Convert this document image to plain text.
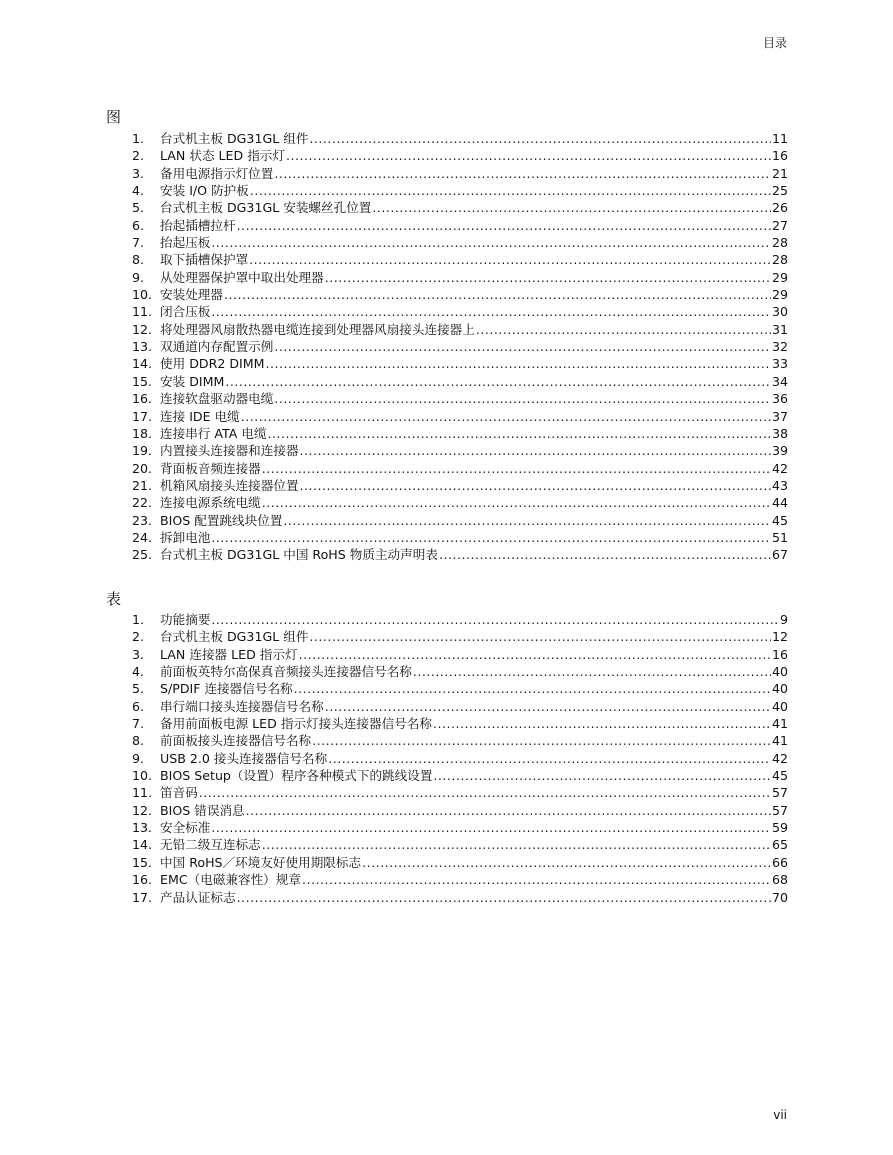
目录
图
1.	台式机主板 DG31GL 组件 .....	11
2.	LAN 状态 LED 指示灯 .....	16
3.	备用电源指示灯位置 .....	21
4.	安装 I/O 防护板 .....	25
5.	台式机主板 DG31GL 安装螺丝孔位置 .....	26
6.	抬起插槽拉杆 .....	27
7.	抬起压板 .....	28
8.	取下插槽保护罩 .....	28
9.	从处理器保护罩中取出处理器 .....	29
10. 安装处理器 .....	29
11. 闭合压板 .....	30
12. 将处理器风扇散热器电缆连接到处理器风扇接头连接器上 .....	31
13. 双通道内存配置示例 .....	32
14. 使用 DDR2 DIMM .....	33
15. 安装 DIMM .....	34
16. 连接软盘驱动器电缆 .....	36
17. 连接 IDE 电缆 .....	37
18. 连接串行 ATA 电缆 .....	38
19. 内置接头连接器和连接器 .....	39
20. 背面板音频连接器 .....	42
21. 机箱风扇接头连接器位置 .....	43
22. 连接电源系统电缆 .....	44
23. BIOS 配置跳线块位置 .....	45
24. 拆卸电池 .....	51
25. 台式机主板 DG31GL 中国 RoHS 物质主动声明表 .....	67
表
1.	功能摘要 .....	9
2.	台式机主板 DG31GL 组件 .....	12
3.	LAN 连接器 LED 指示灯 .....	16
4.	前面板英特尔高保真音频接头连接器信号名称 .....	40
5.	S/PDIF 连接器信号名称 .....	40
6.	串行端口接头连接器信号名称 .....	40
7.	备用前面板电源 LED 指示灯接头连接器信号名称 .....	41
8.	前面板接头连接器信号名称 .....	41
9.	USB 2.0 接头连接器信号名称 .....	42
10. BIOS Setup（设置）程序各种模式下的跳线设置 .....	45
11. 笛音码 .....	57
12. BIOS 错误消息 .....	57
13. 安全标准 .....	59
14. 无铅二级互连标志 .....	65
15. 中国 RoHS／环境友好使用期限标志 .....	66
16. EMC（电磁兼容性）规章 .....	68
17. 产品认证标志 .....	70
vii
